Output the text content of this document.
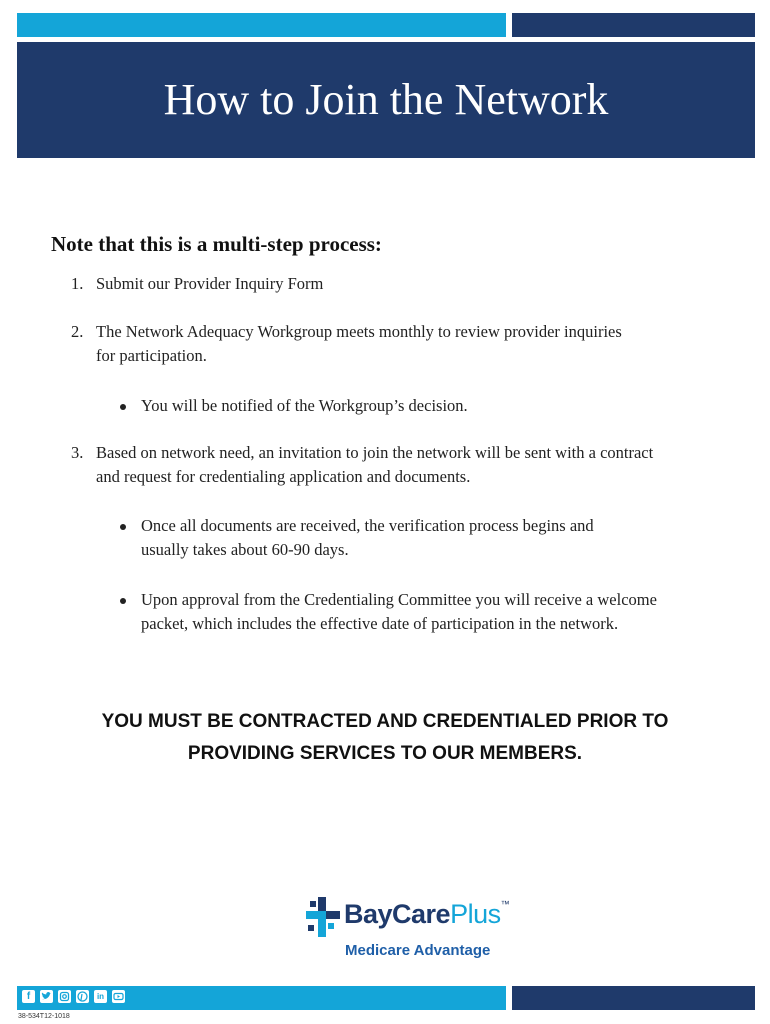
How to Join the Network
Note that this is a multi-step process:
1. Submit our Provider Inquiry Form
2. The Network Adequacy Workgroup meets monthly to review provider inquiries for participation.
You will be notified of the Workgroup’s decision.
3. Based on network need, an invitation to join the network will be sent with a contract and request for credentialing application and documents.
Once all documents are received, the verification process begins and usually takes about 60-90 days.
Upon approval from the Credentialing Committee you will receive a welcome packet, which includes the effective date of participation in the network.
YOU MUST BE CONTRACTED AND CREDENTIALED PRIOR TO
PROVIDING SERVICES TO OUR MEMBERS.
BayCarePlus™
Medicare Advantage
f	in
38-534T12-1018
